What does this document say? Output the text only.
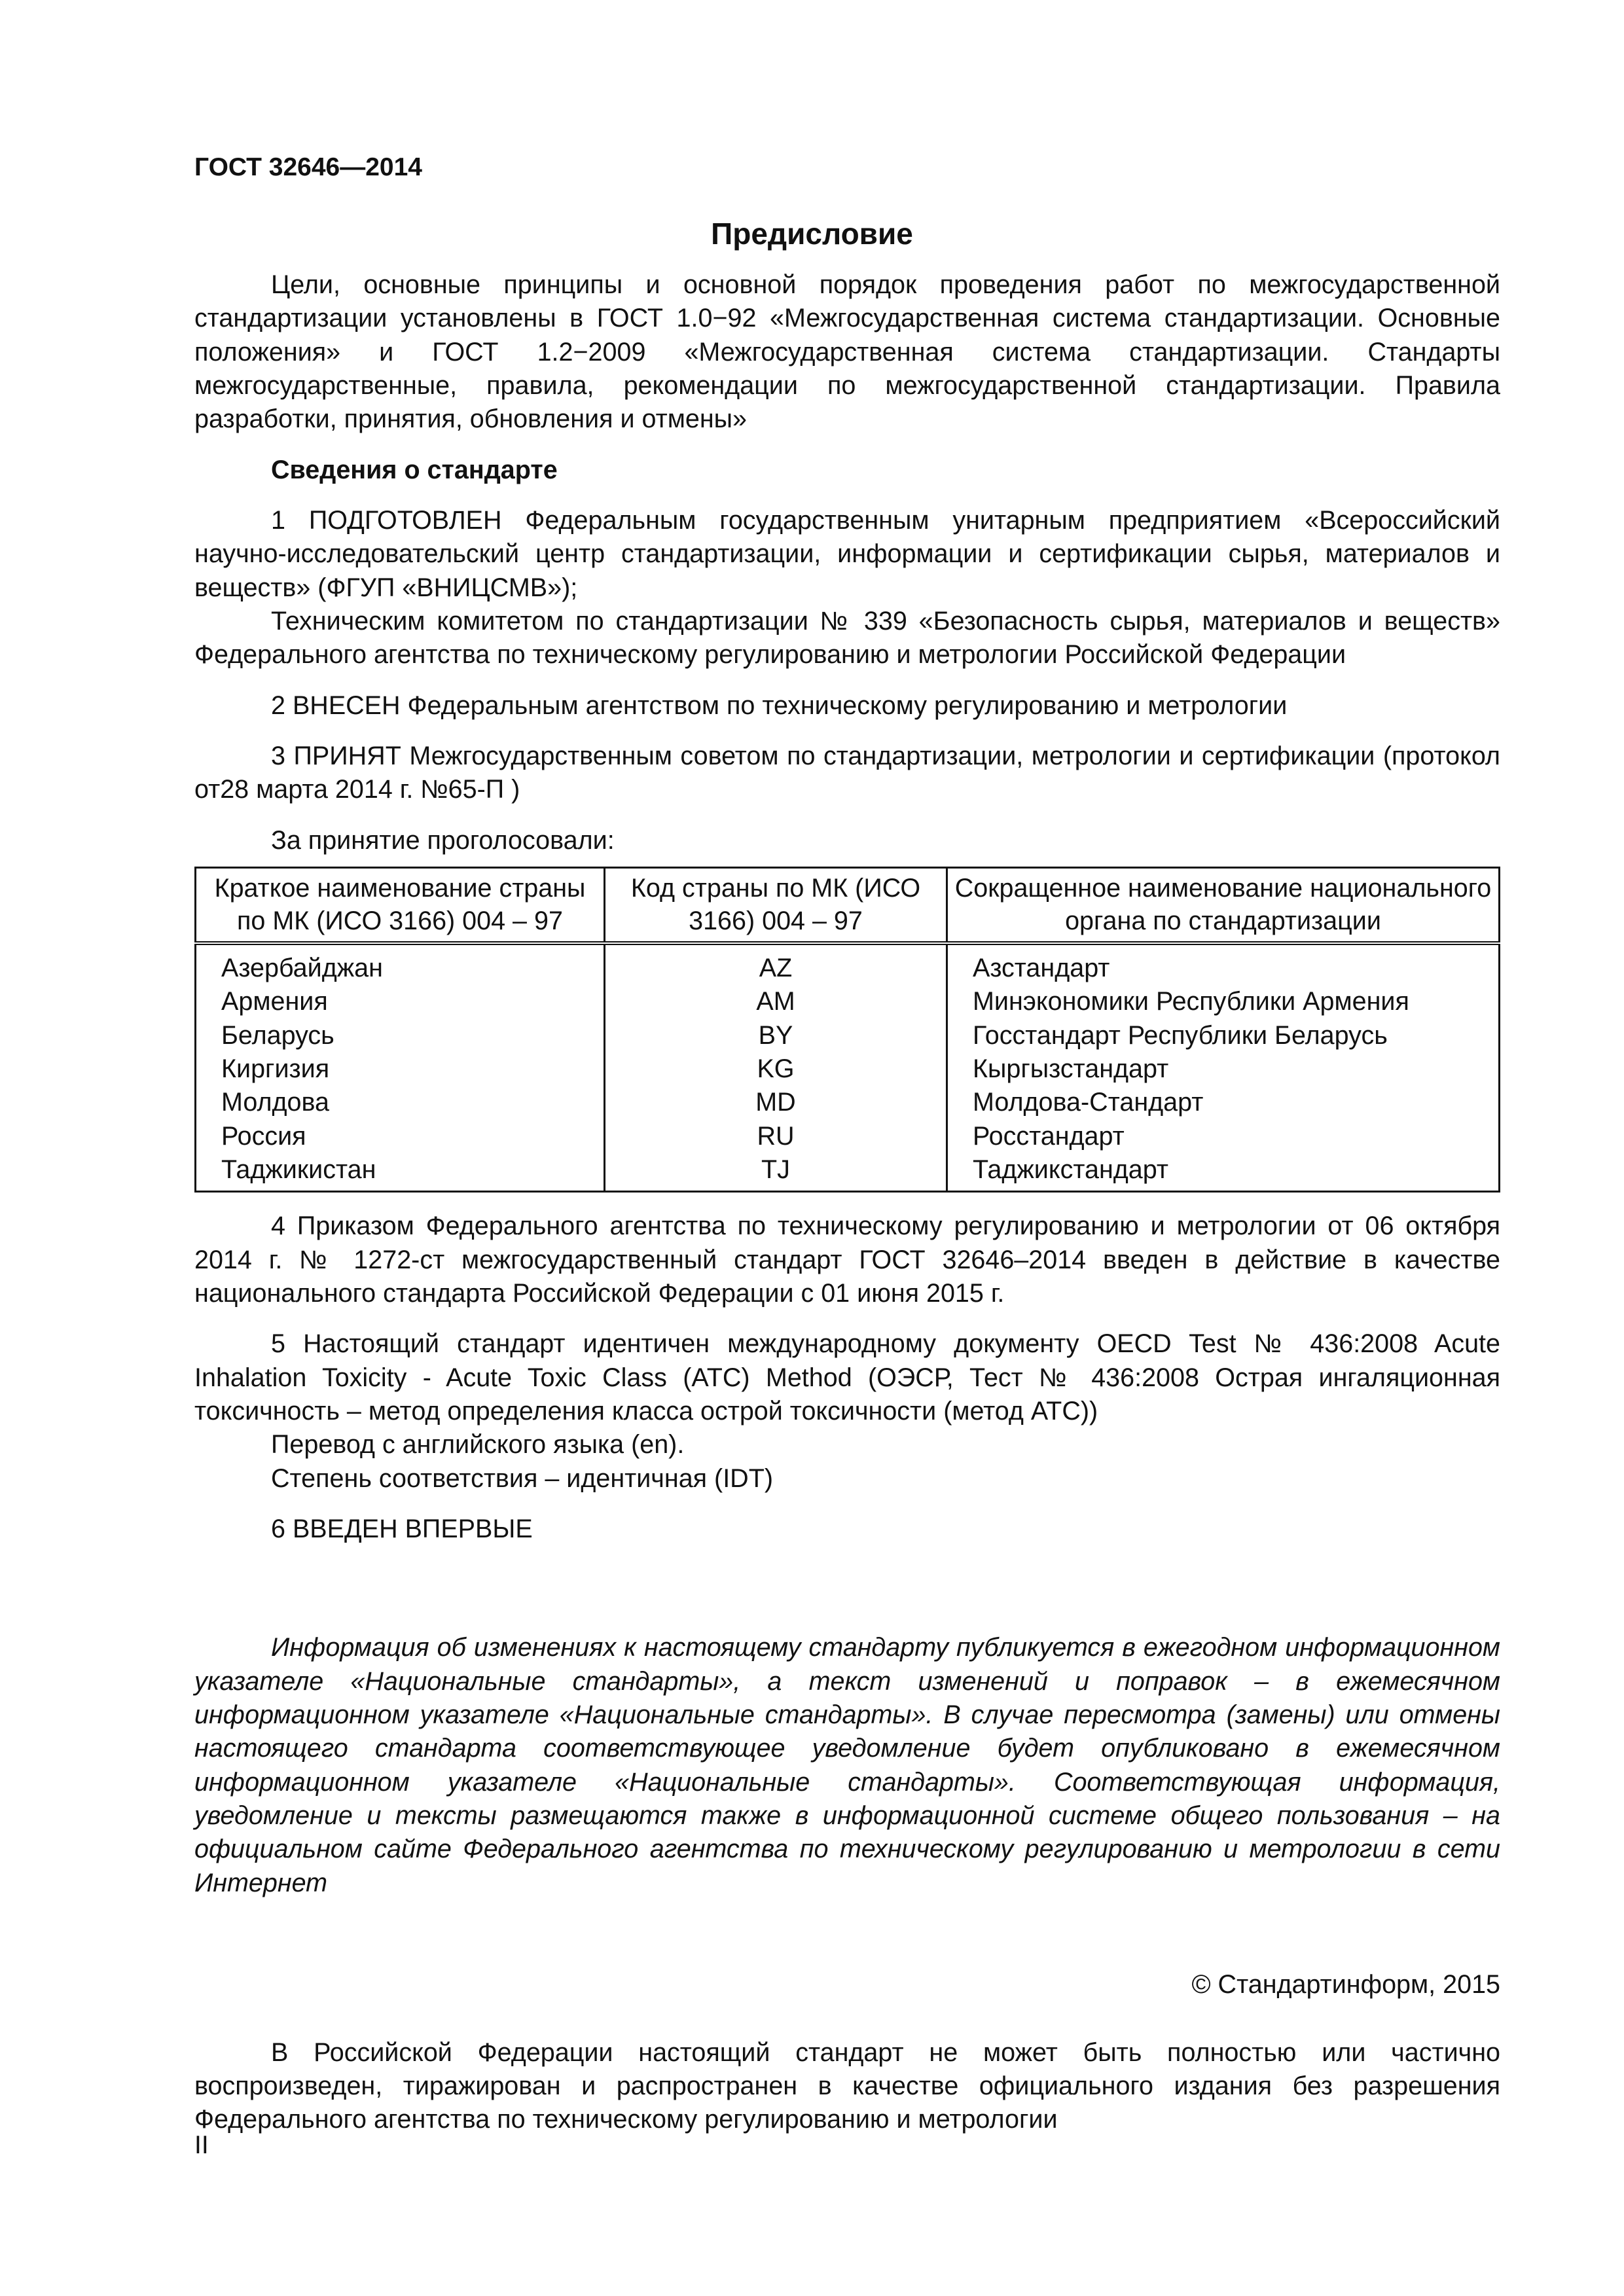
ГОСТ 32646—2014
Предисловие

Цели, основные принципы и основной порядок проведения работ по межгосударственной стандартизации установлены в ГОСТ 1.0−92 «Межгосударственная система стандартизации. Основные положения» и ГОСТ 1.2−2009 «Межгосударственная система стандартизации. Стандарты межгосударственные, правила, рекомендации по межгосударственной стандартизации. Правила разработки, принятия, обновления и отмены»

Сведения о стандарте

1 ПОДГОТОВЛЕН Федеральным государственным унитарным предприятием «Всероссийский научно-исследовательский центр стандартизации, информации и сертификации сырья, материалов и веществ» (ФГУП «ВНИЦСМВ»);

Техническим комитетом по стандартизации № 339 «Безопасность сырья, материалов и веществ» Федерального агентства по техническому регулированию и метрологии Российской Федерации

2 ВНЕСЕН Федеральным агентством по техническому регулированию и метрологии

3 ПРИНЯТ Межгосударственным советом по стандартизации, метрологии и сертификации (протокол от28 марта 2014 г. №65-П )

За принятие проголосовали:

Краткое наименование страны по МК (ИСО 3166) 004 – 97	Код страны по МК (ИСО 3166) 004 – 97	Сокращенное наименование национального органа по стандартизации
Азербайджан	AZ	Азстандарт
Армения	AM	Минэкономики Республики Армения
Беларусь	BY	Госстандарт Республики Беларусь
Киргизия	KG	Кыргызстандарт
Молдова	MD	Молдова-Стандарт
Россия	RU	Росстандарт
Таджикистан	TJ	Таджикстандарт

4 Приказом Федерального агентства по техническому регулированию и метрологии от 06 октября 2014 г. № 1272-ст межгосударственный стандарт ГОСТ 32646–2014 введен в действие в качестве национального стандарта Российской Федерации с 01 июня 2015 г.

5 Настоящий стандарт идентичен международному документу OECD Test № 436:2008 Acute Inhalation Toxicity - Acute Toxic Class (ATC) Method (ОЭСР, Тест № 436:2008 Острая ингаляционная токсичность – метод определения класса острой токсичности (метод АТС))

Перевод с английского языка (en).

Степень соответствия – идентичная (IDT)

6 ВВЕДЕН ВПЕРВЫЕ

Информация об изменениях к настоящему стандарту публикуется в ежегодном информационном указателе «Национальные стандарты», а текст изменений и поправок – в ежемесячном информационном указателе «Национальные стандарты». В случае пересмотра (замены) или отмены настоящего стандарта соответствующее уведомление будет опубликовано в ежемесячном информационном указателе «Национальные стандарты». Соответствующая информация, уведомление и тексты размещаются также в информационной системе общего пользования – на официальном сайте Федерального агентства по техническому регулированию и метрологии в сети Интернет

© Стандартинформ, 2015

В Российской Федерации настоящий стандарт не может быть полностью или частично воспроизведен, тиражирован и распространен в качестве официального издания без разрешения Федерального агентства по техническому регулированию и метрологии

II
